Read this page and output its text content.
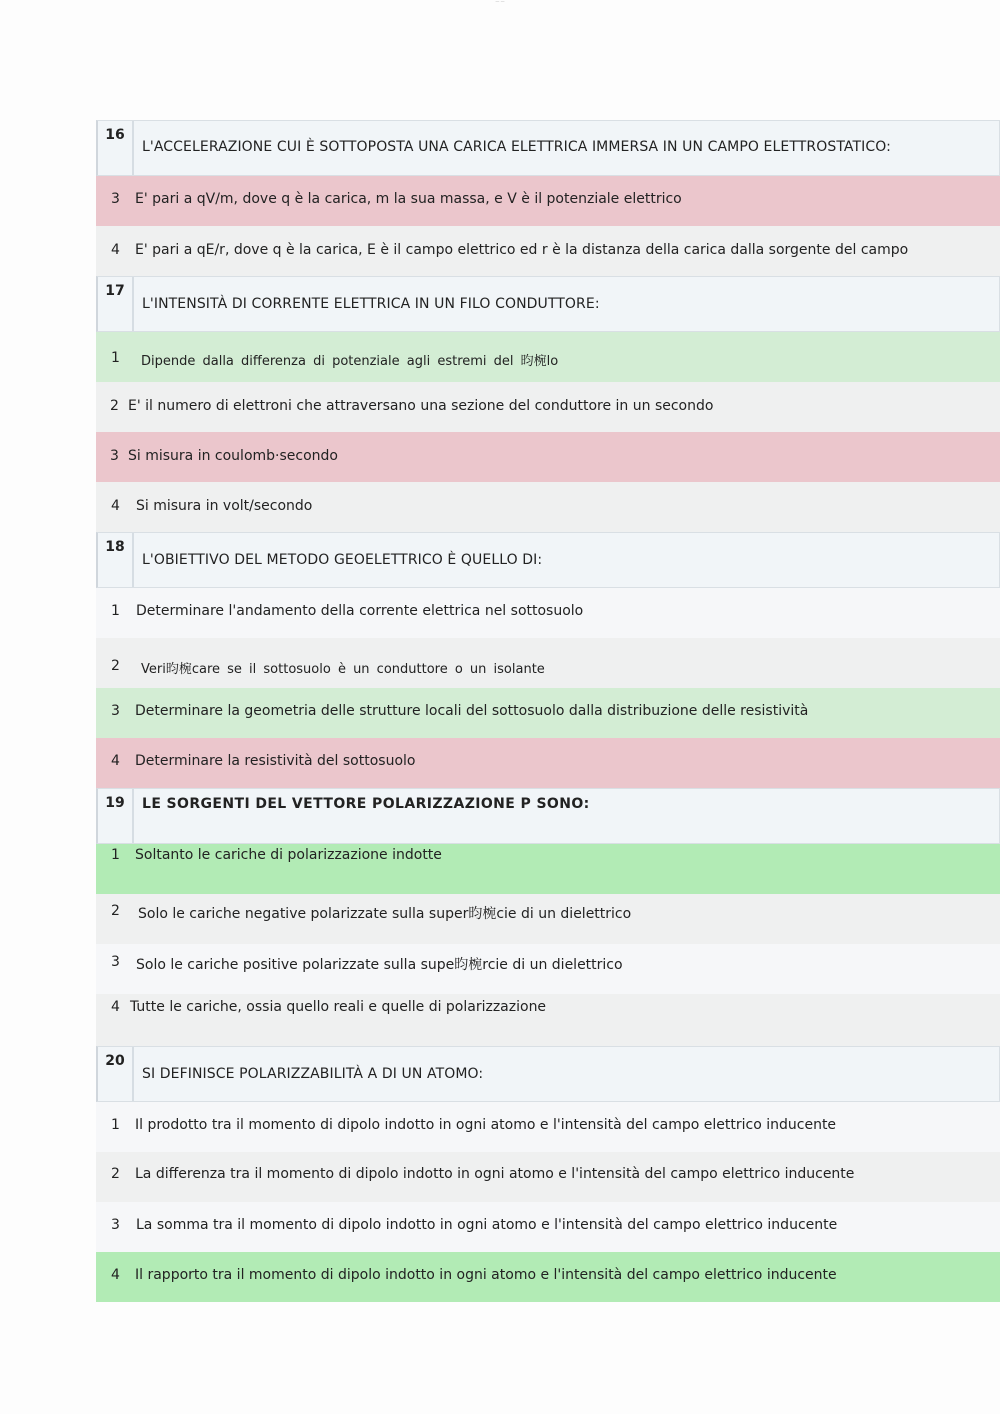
— —
16
L'ACCELERAZIONE CUI È SOTTOPOSTA UNA CARICA ELETTRICA IMMERSA IN UN CAMPO ELETTROSTATICO:
3 E' pari a qV/m, dove q è la carica, m la sua massa, e V è il potenziale elettrico
4 E' pari a qE/r, dove q è la carica, E è il campo elettrico ed r è la distanza della carica dalla sorgente del campo
17
L'INTENSITÀ DI CORRENTE ELETTRICA IN UN FILO CONDUTTORE:
1 Dipende dalla differenza di potenziale agli estremi del 昀椀lo
2 E' il numero di elettroni che attraversano una sezione del conduttore in un secondo
3 Si misura in coulomb·secondo
4 Si misura in volt/secondo
18
L'OBIETTIVO DEL METODO GEOELETTRICO È QUELLO DI:
1 Determinare l'andamento della corrente elettrica nel sottosuolo
2 Veri昀椀care se il sottosuolo è un conduttore o un isolante
3 Determinare la geometria delle strutture locali del sottosuolo dalla distribuzione delle resistività
4 Determinare la resistività del sottosuolo
19	LE SORGENTI DEL VETTORE POLARIZZAZIONE P SONO:
1 Soltanto le cariche di polarizzazione indotte
2 Solo le cariche negative polarizzate sulla super昀椀cie di un dielettrico
3 Solo le cariche positive polarizzate sulla supe昀椀rcie di un dielettrico
4 Tutte le cariche, ossia quello reali e quelle di polarizzazione
20
SI DEFINISCE POLARIZZABILITÀ A DI UN ATOMO:
1 Il prodotto tra il momento di dipolo indotto in ogni atomo e l'intensità del campo elettrico inducente
2 La differenza tra il momento di dipolo indotto in ogni atomo e l'intensità del campo elettrico inducente
3 La somma tra il momento di dipolo indotto in ogni atomo e l'intensità del campo elettrico inducente
4 Il rapporto tra il momento di dipolo indotto in ogni atomo e l'intensità del campo elettrico inducente
